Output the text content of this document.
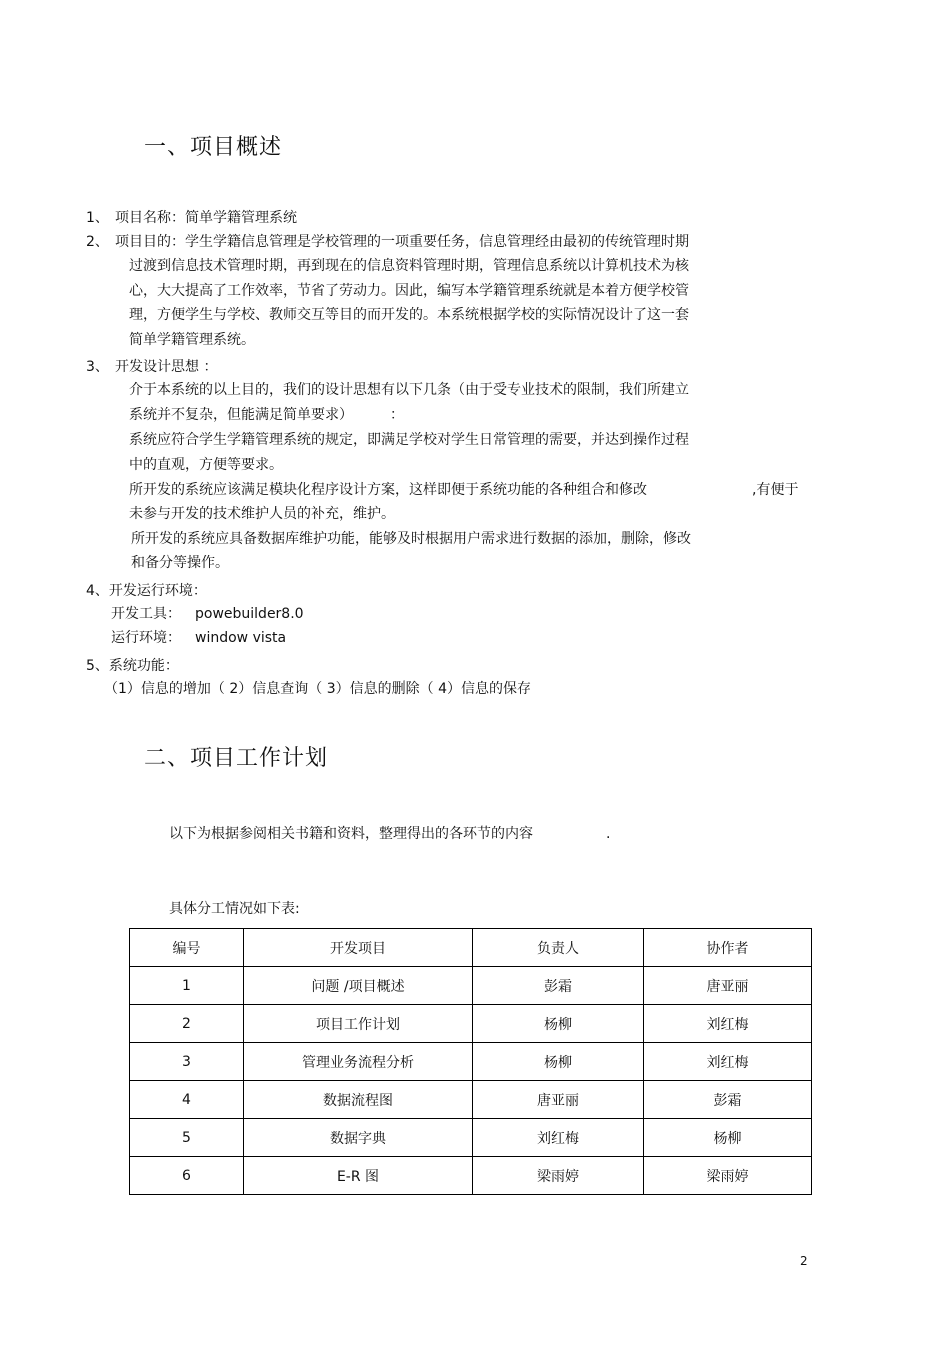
一、项目概述
1、 项目名称：简单学籍管理系统
2、 项目目的：学生学籍信息管理是学校管理的一项重要任务，信息管理经由最初的传统管理时期
过渡到信息技术管理时期，再到现在的信息资料管理时期，管理信息系统以计算机技术为核
心，大大提高了工作效率，节省了劳动力。因此，编写本学籍管理系统就是本着方便学校管
理，方便学生与学校、教师交互等目的而开发的。本系统根据学校的实际情况设计了这一套
简单学籍管理系统。
3、 开发设计思想 ：
介于本系统的以上目的，我们的设计思想有以下几条（由于受专业技术的限制，我们所建立
系统并不复杂，但能满足简单要求）	：
系统应符合学生学籍管理系统的规定，即满足学校对学生日常管理的需要，并达到操作过程
中的直观，方便等要求。
所开发的系统应该满足模块化程序设计方案，这样即便于系统功能的各种组合和修改	,有便于
未参与开发的技术维护人员的补充，维护。
所开发的系统应具备数据库维护功能，能够及时根据用户需求进行数据的添加，删除，修改
和备分等操作。
4、开发运行环境：
开发工具： powebuilder8.0
运行环境： window vista
5、系统功能：
（1）信息的增加（ 2）信息查询（ 3）信息的删除（ 4）信息的保存
二、项目工作计划
以下为根据参阅相关书籍和资料，整理得出的各环节的内容	.
具体分工情况如下表:
编号	开发项目	负责人	协作者
1	问题 /项目概述	彭霜	唐亚丽
2	项目工作计划	杨柳	刘红梅
3	管理业务流程分析	杨柳	刘红梅
4	数据流程图	唐亚丽	彭霜
5	数据字典	刘红梅	杨柳
6	E-R 图	梁雨婷	梁雨婷
2
